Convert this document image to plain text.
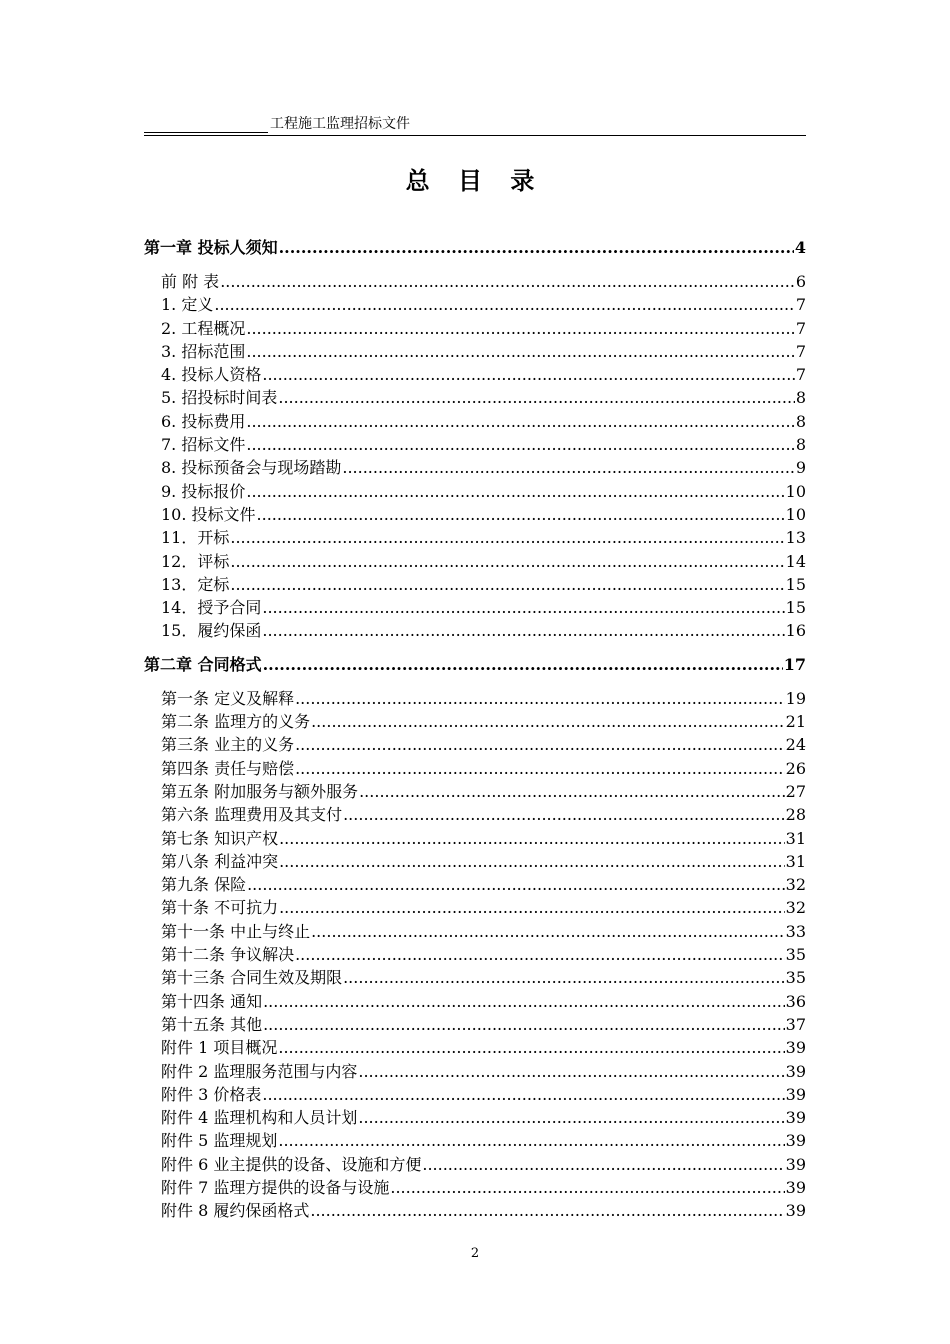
工程施工监理招标文件
总 目 录
第一章 投标人须知 .....	4
前 附 表 .....	6
1. 定义 .....	7
2. 工程概况 .....	7
3. 招标范围 .....	7
4. 投标人资格 .....	7
5. 招投标时间表 .....	8
6. 投标费用 .....	8
7. 招标文件 .....	8
8. 投标预备会与现场踏勘 .....	9
9. 投标报价 .....	10
10. 投标文件 .....	10
11．开标 .....	13
12．评标 .....	14
13．定标 .....	15
14．授予合同 .....	15
15．履约保函 .....	16
第二章 合同格式 .....	17
第一条 定义及解释 .....	19
第二条 监理方的义务 .....	21
第三条 业主的义务 .....	24
第四条 责任与赔偿 .....	26
第五条 附加服务与额外服务 .....	27
第六条 监理费用及其支付 .....	28
第七条 知识产权 .....	31
第八条 利益冲突 .....	31
第九条 保险 .....	32
第十条 不可抗力 .....	32
第十一条 中止与终止 .....	33
第十二条 争议解决 .....	35
第十三条 合同生效及期限 .....	35
第十四条 通知 .....	36
第十五条 其他 .....	37
附件 1 项目概况 .....	39
附件 2 监理服务范围与内容 .....	39
附件 3 价格表 .....	39
附件 4 监理机构和人员计划 .....	39
附件 5 监理规划 .....	39
附件 6 业主提供的设备、设施和方便 .....	39
附件 7 监理方提供的设备与设施 .....	39
附件 8 履约保函格式 .....	39
2
